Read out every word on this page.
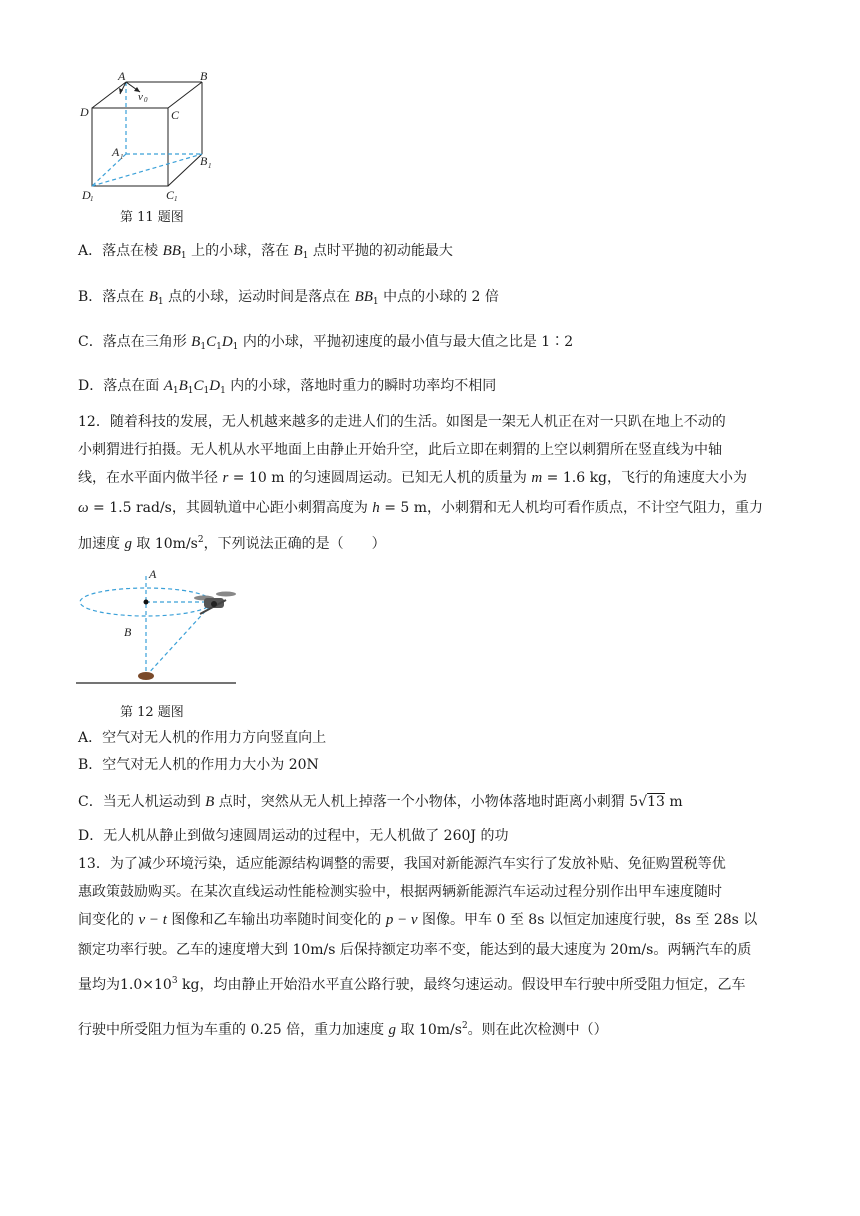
A	B
C
D
v 0
A 1	B 1
D 1	C 1
第 11 题图
A．落点在棱 $BB_1$ 上的小球，落在 $B_1$ 点时平抛的初动能最大
B．落点在 $B_1$ 点的小球，运动时间是落点在 $BB_1$ 中点的小球的 2 倍
C．落点在三角形 $B_1C_1D_1$ 内的小球，平抛初速度的最小值与最大值之比是 1∶2
D．落点在面 $A_1B_1C_1D_1$ 内的小球，落地时重力的瞬时功率均不相同
12．随着科技的发展，无人机越来越多的走进人们的生活。如图是一架无人机正在对一只趴在地上不动的
小刺猬进行拍摄。无人机从水平地面上由静止开始升空，此后立即在刺猬的上空以刺猬所在竖直线为中轴
线，在水平面内做半径 r = 10 m 的匀速圆周运动。已知无人机的质量为 m = 1.6 kg，飞行的角速度大小为
ω = 1.5 rad/s，其圆轨道中心距小刺猬高度为 h = 5 m，小刺猬和无人机均可看作质点，不计空气阻力，重力
加速度 g 取 $10m/s^2$，下列说法正确的是（　　）
A
B
第 12 题图
A．空气对无人机的作用力方向竖直向上
B．空气对无人机的作用力大小为 20N
C．当无人机运动到 B 点时，突然从无人机上掉落一个小物体，小物体落地时距离小刺猬 5√13 m
D．无人机从静止到做匀速圆周运动的过程中，无人机做了 260J 的功
13．为了减少环境污染，适应能源结构调整的需要，我国对新能源汽车实行了发放补贴、免征购置税等优
惠政策鼓励购买。在某次直线运动性能检测实验中，根据两辆新能源汽车运动过程分别作出甲车速度随时
间变化的 v − t 图像和乙车输出功率随时间变化的 p − v 图像。甲车 0 至 8s 以恒定加速度行驶，8s 至 28s 以
额定功率行驶。乙车的速度增大到 10m/s 后保持额定功率不变，能达到的最大速度为 20m/s。两辆汽车的质
量均为$1.0\times 10^3$ kg，均由静止开始沿水平直公路行驶，最终匀速运动。假设甲车行驶中所受阻力恒定，乙车
行驶中所受阻力恒为车重的 0.25 倍，重力加速度 g 取 $10m/s^2$。则在此次检测中（）
